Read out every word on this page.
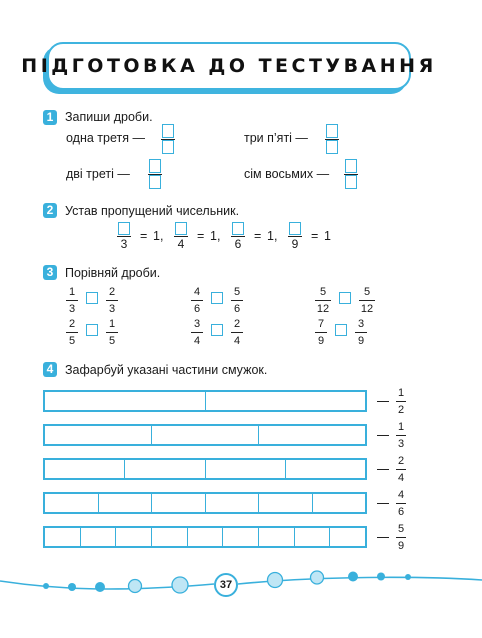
ПІДГОТОВКА ДО ТЕСТУВАННЯ
1 Запиши дроби.
одна третя —	три п’яті —
дві треті —	сім восьмих —
2 Устав пропущений чисельник.
3
= 1,
4
= 1,
6
= 1,
9
= 1
3 Порівняй дроби.
1
3
2
3
4
6
5
6
5
12
5
12
2
5
1
5
3
4
2
4
7
9
3
9
4 Зафарбуй указані частини смужок.
1
2
1
3
2
4
4
6
5
9
37
